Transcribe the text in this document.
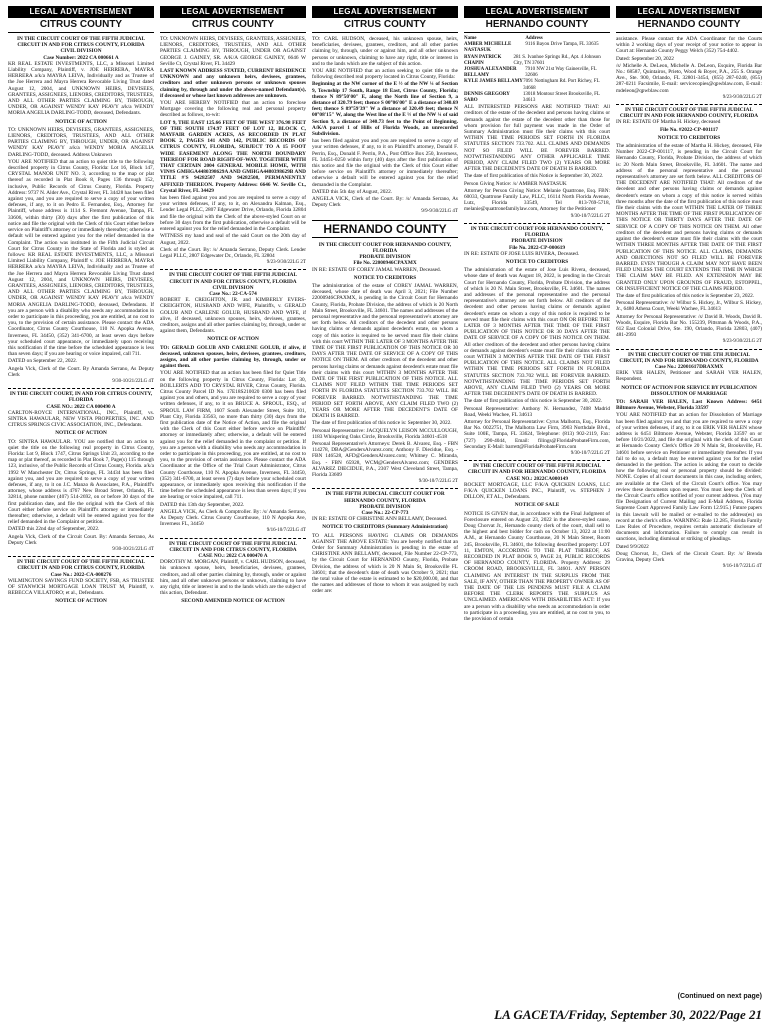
LEGAL ADVERTISEMENT
CITRUS COUNTY
IN THE CIRCUIT COURT OF THE FIFTH JUDICIAL CIRCUIT IN AND FOR CITRUS COUNTY, FLORIDA
CIVIL DIVISION
Case Number: 2022 CA 000661 A

KR REAL ESTATE INVESTMENTS, LLC, a Missouri Limited Liability Company, Plaintiff, v. JOE HERRERA, MAYRA HERRERA a/k/a MAYRA LEIVA, Individually and as Trustee of the Joe Herrera and Mayra Herrera Revocable Living Trust dated August 12, 2004, and UNKNOWN HEIRS, DEVISEES, GRANTEES, ASSIGNEES, LIENORS, CREDITORS, TRUSTEES, AND ALL OTHER PARTIES CLAIMING BY, THROUGH, UNDER, OR AGAINST WENDY KAY PEAVY a/k/a WENDY MORIA ANGELIA DARLING-TODD, deceased, Defendants.

NOTICE OF ACTION

TO: UNKNOWN HEIRS, DEVISEES, GRANTEES, ASSIGNEES, LIENORS, CREDITORS, TRUSTEES, AND ALL OTHER PARTIES CLAIMING BY, THROUGH, UNDER, OR AGAINST WENDY KAY PEAVY a/k/a WENDY MORIA ANGELIA DARLING-TODD, deceased. Address Unknown

YOU ARE NOTIFIED that an action to quiet title to the following described property in Citrus County, Florida: Lot 16, Block 147, CRYSTAL MANOR UNIT NO. 3, according to the map or plat thereof as recorded in Plat Book 8, Pages 136 through 152, inclusive, Public Records of Citrus County, Florida. Property Address: 9737 N. Alder Ave., Crystal River, FL 34428 has been filed against you, and you are required to serve a copy of your written defenses, if any, to it on Pedro E. Fernandez, Esq., Attorney for Plaintiff, whose address is 1114 S. Fremont Avenue, Tampa, FL 33606, within thirty (30) days after the first publication of this notice and file the original with the Clerk of this Court either before service on Plaintiff's attorney or immediately thereafter; otherwise a default will be entered against you for the relief demanded in the Complaint. The action was instituted in the Fifth Judicial Circuit Court for Citrus County in the State of Florida and is styled as follows: KR REAL ESTATE INVESTMENTS, LLC, a Missouri Limited Liability Company, Plaintiff v. JOE HERRERA, MAYRA HERRERA a/k/a MAYRA LEIVA, Individually and as Trustee of the Joe Herrera and Mayra Herrera Revocable Living Trust dated August 12, 2004, and UNKNOWN HEIRS, DEVISEES, GRANTEES, ASSIGNEES, LIENORS, CREDITORS, TRUSTEES, AND ALL OTHER PARTIES CLAIMING BY, THROUGH, UNDER, OR AGAINST WENDY KAY PEAVY a/k/a WENDY MORIA ANGELIA DARLING-TODD, deceased, Defendants. If you are a person with a disability who needs any accommodation in order to participate in this proceeding, you are entitled, at no cost to you, to the provision of certain assistance. Please contact the ADA Coordinator, Citrus County Courthouse, 110 N. Apopka Avenue, Inverness, FL 34450, (352) 341-6700, at least seven days before your scheduled court appearance, or immediately upon receiving this notification if the time before the scheduled appearance is less than seven days; if you are hearing or voice impaired, call 711.

DATED on September 22, 2022.

Angela Vick, Clerk of the Court. By Amanda Serrano, As Deputy Clerk

9/30-10/21/22LG 4T
IN THE CIRCUIT COURT, IN AND FOR CITRUS COUNTY, FLORIDA
CASE NO.: 2022 CA 000490 A

CARLTON-ROYCE INTERNATIONAL, INC., Plaintiff, vs. SINTRA HAWAULAR, NEW VISTA PROPERTIES, INC. AND CITRUS SPRINGS CIVIC ASSOCIATION, INC., Defendants.

NOTICE OF ACTION

TO: SINTRA HAWAULAR. YOU are notified that an action to quiet the title on the following real property in Citrus County, Florida: Lot 9, Block 1747, Citrus Springs Unit 23, according to the map or plat thereof, as recorded in Plat Book 7, Page(s) 115 through 123, inclusive, of the Public Records of Citrus County, Florida. a/k/a 1992 W Manchester Dr, Citrus Springs, FL 34434 has been filed against you, and you are required to serve a copy of your written defenses, if any, to it on J.C. Manzo & Associates, P.A., Plaintiff's attorney, whose address is 4767 New Broad Street, Orlando, FL 32814, phone number (407) 514-2692, on or before 30 days of the first publication date, and file the original with the Clerk of this Court either before service on Plaintiff's attorney or immediately thereafter; otherwise, a default will be entered against you for the relief demanded in the Complaint or petition.

DATED this 22nd day of September, 2022.

Angela Vick, Clerk of the Circuit Court. By: Amanda Serrano, As Deputy Clerk

9/30-10/21/22LG 4T
IN THE CIRCUIT COURT OF THE FIFTH JUDICIAL CIRCUIT IN AND FOR CITRUS COUNTY, FLORIDA
Case No.: 2022-CA-000276

WILMINGTON SAVINGS FUND SOCIETY, FSB, AS TRUSTEE OF STANWICH MORTGAGE LOAN TRUST M, Plaintiff, v. REBECCA VILLATORO; et al., Defendants.

NOTICE OF ACTION
LEGAL ADVERTISEMENT
CITRUS COUNTY

TO: UNKNOWN HEIRS, DEVISEES, GRANTEES, ASSIGNEES, LIENORS, CREDITORS, TRUSTEES, AND ALL OTHER PARTIES CLAIMING BY, THROUGH, UNDER OR AGAINST GEORGE J. GAINEY, SR. A/K/A GEORGE GAINEY, 6646 W Seville Ct, Crystal River, FL 34429

LAST KNOWN ADDRESS STATED, CURRENT RESIDENCE UNKNOWN and any unknown heirs, devisees, grantees, creditors and other unknown persons or unknown spouses claiming by, through and under the above-named Defendant(s), if deceased or whose last known addresses are unknown.

YOU ARE HEREBY NOTIFIED that an action to foreclose Mortgage covering the following real and personal property described as follows, to-wit:

LOT 9, THE EAST 125.66 FEET OF THE WEST 376.98 FEET OF THE SOUTH 174.97 FEET OF LOT 12, BLOCK C, MAYFAIR GARDEN ACRES, AS RECORDED IN PLAT BOOK 2, PAGES 141 AND 142, PUBLIC RECORDS OF CITRUS COUNTY, FLORIDA, SUBJECT TO A 15 FOOT WIDE EASEMENT ALONG THE NORTH BOUNDARY THEREOF FOR ROAD RIGHT-OF-WAY. TOGETHER WITH THAT CERTAIN 2004 GENERAL MOBILE HOME, WITH VIN#S GMHGA4480398629A AND GMHGA4480398629B AND TITLE #'S 94282507 AND 94282508, PERMANENTLY AFFIXED THEREON. Property Address: 6646 W. Seville Ct., Crystal River, FL 34429

has been filed against you and you are required to serve a copy of your written defenses, if any, to it, on Alexandra Kalman, Esq., Lender Legal PLLC, 2807 Edgewater Drive, Orlando, Florida 32804 and file the original with the Clerk of the above-styled Court on or before 30 days from the first publication, otherwise a default will be entered against you for the relief demanded in the Complaint.

WITNESS my hand and seal of the said Court on the 20th day of August, 2022.

Clerk of the Court. By: /s/ Amanda Serrano, Deputy Clerk. Lender Legal PLLC, 2807 Edgewater Dr., Orlando, FL 32804

9/23-9/30/22LG 2T
IN THE CIRCUIT COURT OF THE FIFTH JUDICIAL CIRCUIT IN AND FOR CITRUS COUNTY, FLORIDA
CIVIL DIVISION
Case No.: 22-CA-574

ROBERT E. CREIGHTON, JR. and KIMBERLY EVERS-CREIGHTON, HUSBAND AND WIFE, Plaintiffs, v. GERALD GOLUB AND CARLENE GOLUB, HUSBAND AND WIFE, if alive, if deceased, unknown spouses, heirs, devisees, grantees, creditors, assigns and all other parties claiming by, through, under or against them, Defendants.

NOTICE OF ACTION

TO: GERALD GOLUB AND CARLENE GOLUB, if alive, if deceased, unknown spouses, heirs, devisees, grantees, creditors, assigns, and all other parties claiming by, through, under or against them.

YOU ARE NOTIFIED that an action has been filed for Quiet Title on the following property in Citrus County, Florida: Lot 30, BOILLERTS ADD TO CRYSTAL RIVER, Citrus County, Florida. Citrus County Parcel ID No. 17E18S210020 0300 has been filed against you and others, and you are required to serve a copy of your written defenses, if any, to it on BRUCE A. SPROUL, ESQ., of SPROUL LAW FIRM, 1607 South Alexander Street, Suite 101, Plant City, Florida 33563, no more than thirty (30) days from the first publication date of the Notice of Action, and file the original with the Clerk of this Court either before service on Plaintiffs' attorney or immediately after; otherwise, a default will be entered against you for the relief demanded in the complaint or petition. If you are a person with a disability who needs any accommodation in order to participate in this proceeding, you are entitled, at no cost to you, to the provision of certain assistance. Please contact the ADA Coordinator at the Office of the Trial Court Administrator, Citrus County Courthouse, 110 N. Apopka Avenue, Inverness, FL 34450, (352) 341-6700, at least seven (7) days before your scheduled court appearance, or immediately upon receiving this notification if the time before the scheduled appearance is less than seven days; if you are hearing or voice impaired, call 711.

DATED this 13th day September, 2022.

ANGELA VICK, As Clerk & Comptroller. By: /s/ Amanda Serrano, As Deputy Clerk. Citrus County Courthouse, 110 N Apopka Ave, Inverness FL, 34450

9/16-10/7/22LG 4T
IN THE CIRCUIT COURT OF THE FIFTH JUDICIAL CIRCUIT IN AND FOR CITRUS COUNTY, FLORIDA
CASE NO.: 2022 CA 000470 A

DOROTHY M. MORGAN, Plaintiff, v. CARL HUDSON, deceased, his unknown spouse, heirs, beneficiaries, devisees, grantees, creditors, and all other parties claiming by, through, under or against him, and all other unknown persons or unknown, claiming to have any right, title or interest in and to the lands which are the subject of this action, Defendant.

SECOND AMENDED NOTICE OF ACTION
LEGAL ADVERTISEMENT
CITRUS COUNTY

TO: CARL HUDSON, deceased, his unknown spouse, heirs, beneficiaries, devisees, grantees, creditors, and all other parties claiming by, through, under or against him, and all other unknown persons or unknown, claiming to have any right, title or interest in and to the lands which are the subject of this action.

YOU ARE NOTIFIED that an action seeking to quiet title to the following described real property located in Citrus County, Florida:

Beginning at the NW corner of the E ½ of the NW ¼ of Section 9, Township 17 South, Range 18 East, Citrus County, Florida; thence N 89°50'00" E, along the North line of Section 9, a distance of 320.79 feet; thence S 00°06'00" E a distance of 340.69 feet; thence S 89°59'39" W a distance of 320.49 feet; thence N 00°08'15" W, along the West line of the E ½ of the NW ¼ of said Section 9, a distance of 340.73 feet to the Point of Beginning. A/K/A parcel 1 of Hills of Florida Woods, an unrecorded Subdivision.

has been filed against you and you are required to serve a copy of your written defenses, if any, to it on Plaintiff's attorney, Donald F. Perrin, Esq., Donald F. Perrin, P.A., Post Office Box 250, Inverness, FL 34451-0250 within forty (40) days after the first publication of this notice and file the original with the Clerk of this Court either before service on Plaintiff's attorney or immediately thereafter; otherwise a default will be entered against you for the relief demanded in the Complaint.

DATED this 5th day of August, 2022.

ANGELA VICK, Clerk of the Court. By: /s/ Amanda Serrano, As Deputy Clerk

9/9-9/30/22LG 4T
HERNANDO COUNTY
IN THE CIRCUIT COURT FOR HERNANDO COUNTY, FLORIDA
PROBATE DIVISION
File No. 22000946CPAXMX

IN RE: ESTATE OF COREY JAMAL WARREN, Deceased.

NOTICE TO CREDITORS

The administration of the estate of COREY JAMAL WARREN, deceased, whose date of death was April 3, 2021; File Number 22000946CPAXMX, is pending in the Circuit Court for Hernando County, Florida, Probate Division, the address of which is 20 North Main Street, Brooksville, FL 34601. The names and addresses of the personal representative and the personal representative's attorney are set forth below. All creditors of the decedent and other persons having claims or demands against decedent's estate, on whom a copy of this notice is required to be served must file their claims with this court WITHIN THE LATER OF 3 MONTHS AFTER THE TIME OF THE FIRST PUBLICATION OF THIS NOTICE OR 30 DAYS AFTER THE DATE OF SERVICE OF A COPY OF THIS NOTICE ON THEM. All other creditors of the decedent and other persons having claims or demands against decedent's estate must file their claims with this court WITHIN 3 MONTHS AFTER THE DATE OF THE FIRST PUBLICATION OF THIS NOTICE. ALL CLAIMS NOT FILED WITHIN THE TIME PERIODS SET FORTH IN FLORIDA STATUTES SECTION 733.702 WILL BE FOREVER BARRED. NOTWITHSTANDING THE TIME PERIOD SET FORTH ABOVE, ANY CLAIM FILED TWO (2) YEARS OR MORE AFTER THE DECEDENT'S DATE OF DEATH IS BARRED.

The date of first publication of this notice is: September 30, 2022.

Personal Representative: JACQUELYN LEISON MCCULLOUGH, 1183 Whispering Oaks Circle, Brooksville, Florida 34601-4518

Personal Representative's Attorneys: Derek B. Alvarez, Esq. - FBN 114278, DBA@GendersAlvarez.com; Anthony F. Diecidue, Esq. - FBN 146528, AFD@GendersAlvarez.com; Whitney C. Miranda, Esq. - FBN 65928, WCM@GendersAlvarez.com; GENDERS ALVAREZ DIECIDUE, P.A., 2307 West Cleveland Street, Tampa, Florida 33609

9/30-10/7/22LG 2T
IN THE FIFTH JUDICIAL CIRCUIT COURT FOR HERNANDO COUNTY, FLORIDA
PROBATE DIVISION
Case No.: 22-CP-773

IN RE: ESTATE OF CHRISTINE ANN BELLAMY, Deceased.

NOTICE TO CREDITORS (Summary Administration)

TO ALL PERSONS HAVING CLAIMS OR DEMANDS AGAINST THE ABOVE ESTATE: You are hereby notified that an Order for Summary Administration is pending in the estate of CHRISTINE ANN BELLAMY, deceased, File Number 22-CP-773, by the Circuit Court for HERNANDO County, Florida, Probate Division, the address of which is 20 N Main St, Brooksville FL 34601; that the decedent's date of death was October 9, 2021; that the total value of the estate is estimated to be $20,000.00, and that the names and addresses of those to whom it was assigned by such order are:

LEGAL ADVERTISEMENT
HERNANDO COUNTY
Name	Address
AMBER MICHELLE NASTASUK
9116 Bayou Drive Tampa, FL 33635
RYAN PATRICK CHAPIN
281 S. Ivanhoe Springs Rd., Apt. 4 Johnson City, TN 37601
JOSHUA ALEXANDER BELLAMY
7910 NW 21st Way Gainesville, FL 32606
KYLE JAMES BELLAMY 7091 Nottingham Rd. Port Richey, FL 34668
DENNIS GREGORY SABO
13018 Montour Street Brooksville, FL 34613

ALL INTERESTED PERSONS ARE NOTIFIED THAT: All creditors of the estate of the decedent and persons having claims or demands against the estate of the decedent other than those for whom provision for full payment was made in the Order of Summary Administration must file their claims with this court WITHIN THE TIME PERIODS SET FORTH IN FLORIDA STATUTES SECTION 733.702. ALL CLAIMS AND DEMANDS NOT SO FILED WILL BE FOREVER BARRED. NOTWITHSTANDING ANY OTHER APPLICABLE TIME PERIOD, ANY CLAIM FILED TWO (2) YEARS OR MORE AFTER THE DECEDENT'S DATE OF DEATH IS BARRED.

The date of first publication of this Notice is September 30, 2022.

Person Giving Notice: /s/ AMBER NASTASUK

Attorney for Person Giving Notice: Melanie Quattrone, Esq. FBN: 60033, Quattrone Family Law, PLLC, 16114 North Florida Avenue, Lutz, Florida 33549, Tel 813-769-5718, melanie@quattronefamilylaw.com, Attorney for the Petitioner

9/30-10/7/22LG 2T
IN THE CIRCUIT COURT FOR HERNANDO COUNTY, FLORIDA
PROBATE DIVISION
File No. 2022-CP-000619

IN RE: ESTATE OF JOSE LUIS RIVERA, Deceased.

NOTICE TO CREDITORS

The administration of the estate of Jose Luis Rivera, deceased, whose date of death was August 18, 2022, is pending in the Circuit Court for Hernando County, Florida, Probate Division, the address of which is 20 N. Main Street, Brooksville, FL 34601. The names and addresses of the personal representative and the personal representative's attorney are set forth below. All creditors of the decedent and other persons having claims or demands against decedent's estate on whom a copy of this notice is required to be served must file their claims with this court ON OR BEFORE THE LATER OF 3 MONTHS AFTER THE TIME OF THE FIRST PUBLICATION OF THIS NOTICE OR 30 DAYS AFTER THE DATE OF SERVICE OF A COPY OF THIS NOTICE ON THEM. All other creditors of the decedent and other persons having claims or demands against decedent's estate must file their claims with this court WITHIN 3 MONTHS AFTER THE DATE OF THE FIRST PUBLICATION OF THIS NOTICE. ALL CLAIMS NOT FILED WITHIN THE TIME PERIODS SET FORTH IN FLORIDA STATUTES SECTION 733.702 WILL BE FOREVER BARRED. NOTWITHSTANDING THE TIME PERIODS SET FORTH ABOVE, ANY CLAIM FILED TWO (2) YEARS OR MORE AFTER THE DECEDENT'S DATE OF DEATH IS BARRED.

The date of first publication of this notice is September 30, 2022.

Personal Representative: Anthony N. Hernandez, 7408 Madrid Road, Weeki Wachee, FL 34613

Attorney for Personal Representative: Cyrus Malhotra, Esq., Florida Bar No. 0022751, The Malhotra Law Firm, 3903 Northdale Blvd., Suite 100E, Tampa, FL 33624, Telephone: (813) 902-2119, Fax: (727) 290-4044, Email: filings@FloridaProbateFirm.com, Secondary E-Mail: barrett@FloridaProbateFirm.com

9/30-10/7/22LG 2T
IN THE CIRCUIT COURT OF THE FIFTH JUDICIAL CIRCUIT IN AND FOR HERNANDO COUNTY, FLORIDA
CASE NO.: 2022CA000149

ROCKET MORTGAGE, LLC F/K/A QUICKEN LOANS, LLC F/K/A QUICKEN LOANS INC., Plaintiff, vs. STEPHEN J DILLON, ET AL., Defendants.

NOTICE OF SALE

NOTICE IS GIVEN that, in accordance with the Final Judgment of Foreclosure entered on August 23, 2022 in the above-styled cause, Doug Chorvat Jr., Hernando county clerk of the court, shall sell to the highest and best bidder for cash on October 13, 2022 at 11:00 A.M., at Hernando County Courthouse, 20 N Main Street, Room 245, Brooksville, FL 34601, the following described property: LOT 11, EMTON, ACCORDING TO THE PLAT THEREOF, AS RECORDED IN PLAT BOOK 9, PAGE 24, PUBLIC RECORDS OF HERNANDO COUNTY, FLORIDA. Property Address: 29 CROOM ROAD, BROOKSVILLE, FL 34601. ANY PERSON CLAIMING AN INTEREST IN THE SURPLUS FROM THE SALE, IF ANY, OTHER THAN THE PROPERTY OWNER AS OF THE DATE OF THE LIS PENDENS MUST FILE A CLAIM BEFORE THE CLERK REPORTS THE SURPLUS AS UNCLAIMED. AMERICANS WITH DISABILITIES ACT: If you are a person with a disability who needs an accommodation in order to participate in a proceeding, you are entitled, at no cost to you, to the provision of certain

LEGAL ADVERTISEMENT
HERNANDO COUNTY

assistance. Please contact the ADA Coordinator for the Courts within 2 working days of your receipt of your notice to appear in Court at: Hernando County Peggy Welch (352) 754-4402.

Dated: September 20, 2022

/s/ Michelle A. DeLeon, Michelle A. DeLeon, Esquire, Florida Bar No.: 68587, Quintairos, Prieto, Wood & Boyer, P.A., 255 S. Orange Ave., Ste. 900, Orlando, FL 32801-3454, (855) 287-0240, (855) 287-0211 Facsimile, E-mail: servicecopies@qpwblaw.com, E-mail: mdeleon@qpwblaw.com

9/23-9/30/22LG 2T
IN THE CIRCUIT COURT OF THE FIFTH JUDICIAL CIRCUIT IN AND FOR HERNANDO COUNTY, FLORIDA

IN RE: ESTATE OF Martha H. Hickey, deceased

File No. #2022-CP-001117
NOTICE TO CREDITORS

The administration of the estate of Martha H. Hickey, deceased, File Number 2022-CP-001117, is pending in the Circuit Court for Hernando County, Florida, Probate Division, the address of which is: 20 North Main Street, Brooksville, FL 34601. The name and address of the personal representative and the personal representative's attorney are set forth below. ALL CREDITORS OF THE DECEDENT ARE NOTIFIED THAT: All creditors of the decedent and other persons having claims or demands against decedent's estate on whom a copy of this notice is served within three months after the date of the first publication of this notice must file their claims with the court WITHIN THE LATER OF THREE MONTHS AFTER THE TIME OF THE FIRST PUBLICATION OF THIS NOTICE OR THIRTY DAYS AFTER THE DATE OF SERVICE OF A COPY OF THIS NOTICE ON THEM. All other creditors of the decedent and persons having claims or demands against the decedent's estate must file their claims with the court WITHIN THREE MONTHS AFTER THE DATE OF THE FIRST PUBLICATION OF THIS NOTICE. ALL CLAIMS, DEMANDS AND OBJECTIONS NOT SO FILED WILL BE FOREVER BARRED. EVEN THOUGH A CLAIM MAY NOT HAVE BEEN FILED UNLESS THE COURT EXTENDS THE TIME IN WHICH THE CLAIM MAY BE FILED. AN EXTENSION MAY BE GRANTED ONLY UPON GROUNDS OF FRAUD, ESTOPPEL, OR INSUFFICIENT NOTICE OF THE CLAIMS PERIOD.

The date of first publication of this notice is September 23, 2022.

Personal Representative: /s/ Wilbur S. Hickey, Jr., Wilbur S. Hickey, Jr., 6480 Athena Court, Weeki Wachee, FL 34613

Attorney for Personal Representative: /s/ David R. Woods, David R. Woods, Esquire, Florida Bar No. 155239, Pittsman & Woods, P.A., 612 East Colonial Drive, Ste. 190, Orlando, Florida 32803, (407) 481-2993

9/23-9/30/22LG 2T
IN THE CIRCUIT COURT OF THE 5TH JUDICIAL CIRCUIT, IN AND FOR HERNANDO COUNTY, FLORIDA
Case No.: 22001617DRAXMX

ERIK VER HALEN, Petitioner and SARAH VER HALEN, Respondent.

NOTICE OF ACTION FOR SERVICE BY PUBLICATION DISSOLUTION OF MARRIAGE

TO: SARAH VER HALEN, Last Known Address: 6451 Biltmore Avenue, Webster, Florida 33597

YOU ARE NOTIFIED that an action for Dissolution of Marriage has been filed against you and that you are required to serve a copy of your written defenses, if any, to it on ERIK VER HALEN whose address is 6451 Biltmore Avenue, Webster, Florida 33597 on or before 10/21/2022, and file the original with the clerk of this Court at Hernando County Clerk's Office 20 N Main St, Brooksville, FL 34601 before service on Petitioner or immediately thereafter. If you fail to do so, a default may be entered against you for the relief demanded in the petition. The action is asking the court to decide how the following real or personal property should be divided: NONE. Copies of all court documents in this case, including orders, are available at the Clerk of the Circuit Court's office. You may review these documents upon request. You must keep the Clerk of the Circuit Court's office notified of your current address. (You may file Designation of Current Mailing and E-Mail Address, Florida Supreme Court Approved Family Law Form 12.915.) Future papers in this lawsuit will be mailed or e-mailed to the address(es) on record at the clerk's office. WARNING: Rule 12.285, Florida Family Law Rules of Procedure, requires certain automatic disclosure of documents and information. Failure to comply can result in sanctions, including dismissal or striking of pleadings.

Dated 9/9/2022

Doug Chorvat, Jr., Clerk of the Circuit Court. By: /s/ Brenda Gravina, Deputy Clerk

9/16-10/7/22LG 4T
(Continued on next page)
LA GACETA/Friday, September 30, 2022/Page 21
